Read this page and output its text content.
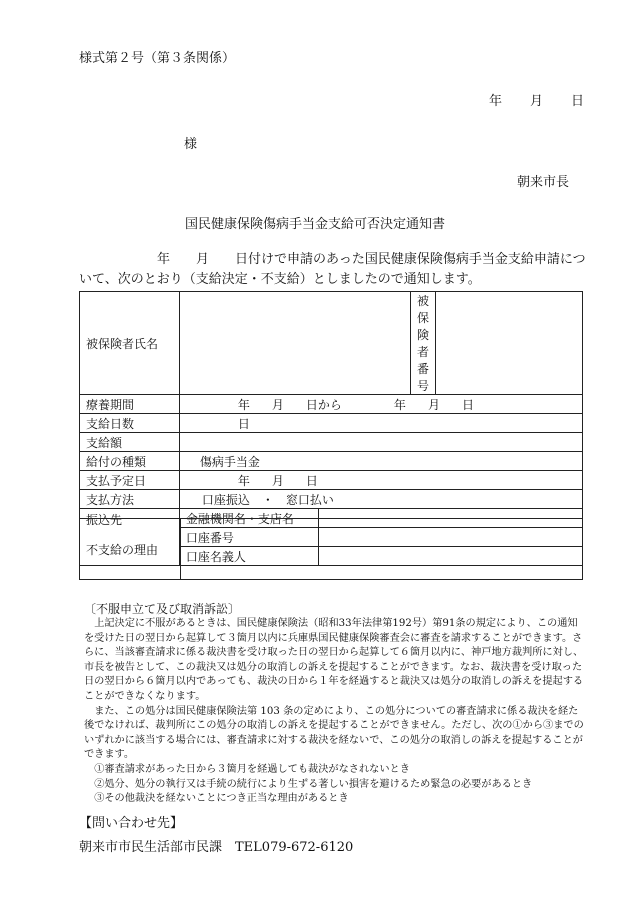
様式第２号（第３条関係）
年 月 日
様
朝来市長
国民健康保険傷病手当金支給可否決定通知書
年 月 日付けで申請のあった国民健康保険傷病手当金支給申請について、次のとおり（支給決定・不支給）としましたので通知します。
被保険者氏名			被保険者番号	
療養期間	年 月 日から 年 月 日			
支給日数	日			
支給額				
給付の種類	傷病手当金			
支払予定日	年 月 日			
支払方法	口座振込　・　窓口払い			
振込先	金融機関名・支店名			
	口座番号			
	口座名義人			
不支給の理由	
〔不服申立て及び取消訴訟〕

上記決定に不服があるときは、国民健康保険法（昭和33年法律第192号）第91条の規定により、この通知を受けた日の翌日から起算して３箇月以内に兵庫県国民健康保険審査会に審査を請求することができます。さらに、当該審査請求に係る裁決書を受け取った日の翌日から起算して６箇月以内に、神戸地方裁判所に対し、市長を被告として、この裁決又は処分の取消しの訴えを提起することができます。なお、裁決書を受け取った日の翌日から６箇月以内であっても、裁決の日から１年を経過すると裁決又は処分の取消しの訴えを提起することができなくなります。

また、この処分は国民健康保険法第 103 条の定めにより、この処分についての審査請求に係る裁決を経た後でなければ、裁判所にこの処分の取消しの訴えを提起することができません。ただし、次の①から③までのいずれかに該当する場合には、審査請求に対する裁決を経ないで、この処分の取消しの訴えを提起することができます。

①審査請求があった日から３箇月を経過しても裁決がなされないとき

②処分、処分の執行又は手続の続行により生ずる著しい損害を避けるため緊急の必要があるとき

③その他裁決を経ないことにつき正当な理由があるとき

【問い合わせ先】
朝来市市民生活部市民課　TEL079-672-6120
